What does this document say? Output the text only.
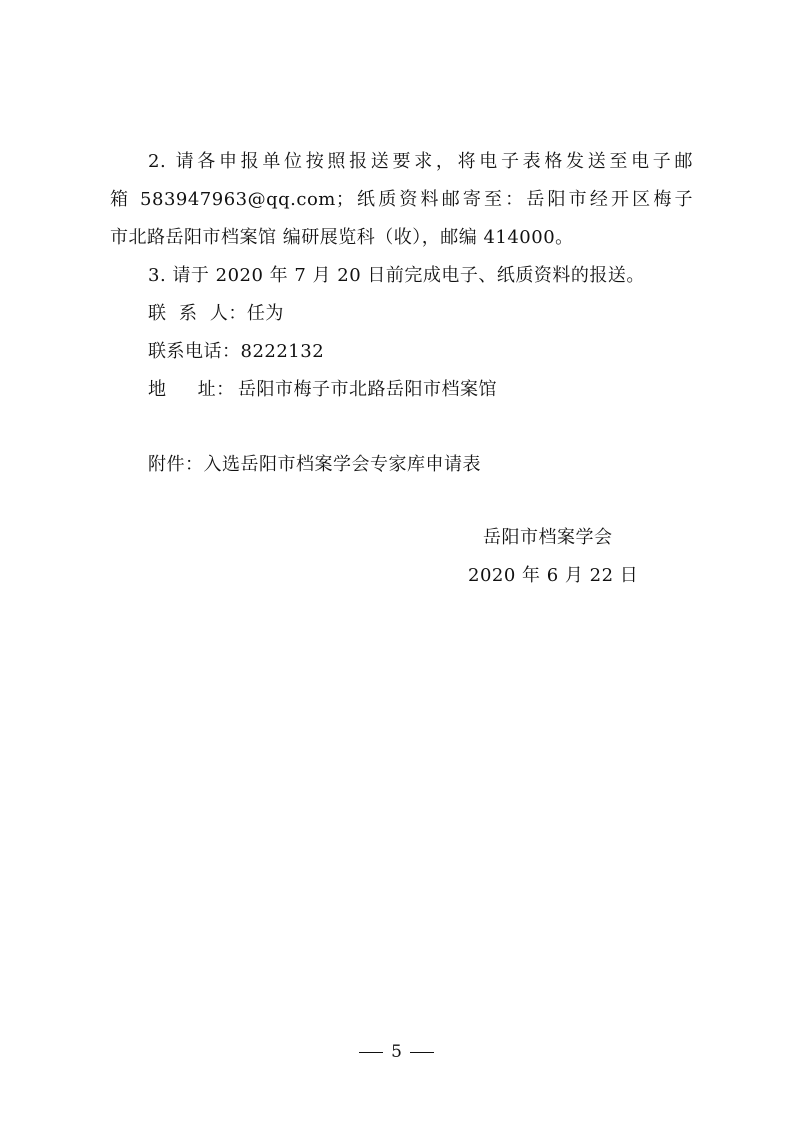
2. 请各申报单位按照报送要求，将电子表格发送至电子邮
箱 583947963@qq.com；纸质资料邮寄至：岳阳市经开区梅子
市北路岳阳市档案馆 编研展览科（收），邮编 414000。
3. 请于 2020 年 7 月 20 日前完成电子、纸质资料的报送。
联  系  人：任为
联系电话：8222132
地     址： 岳阳市梅子市北路岳阳市档案馆
附件：入选岳阳市档案学会专家库申请表
岳阳市档案学会
2020 年 6 月 22 日
5
